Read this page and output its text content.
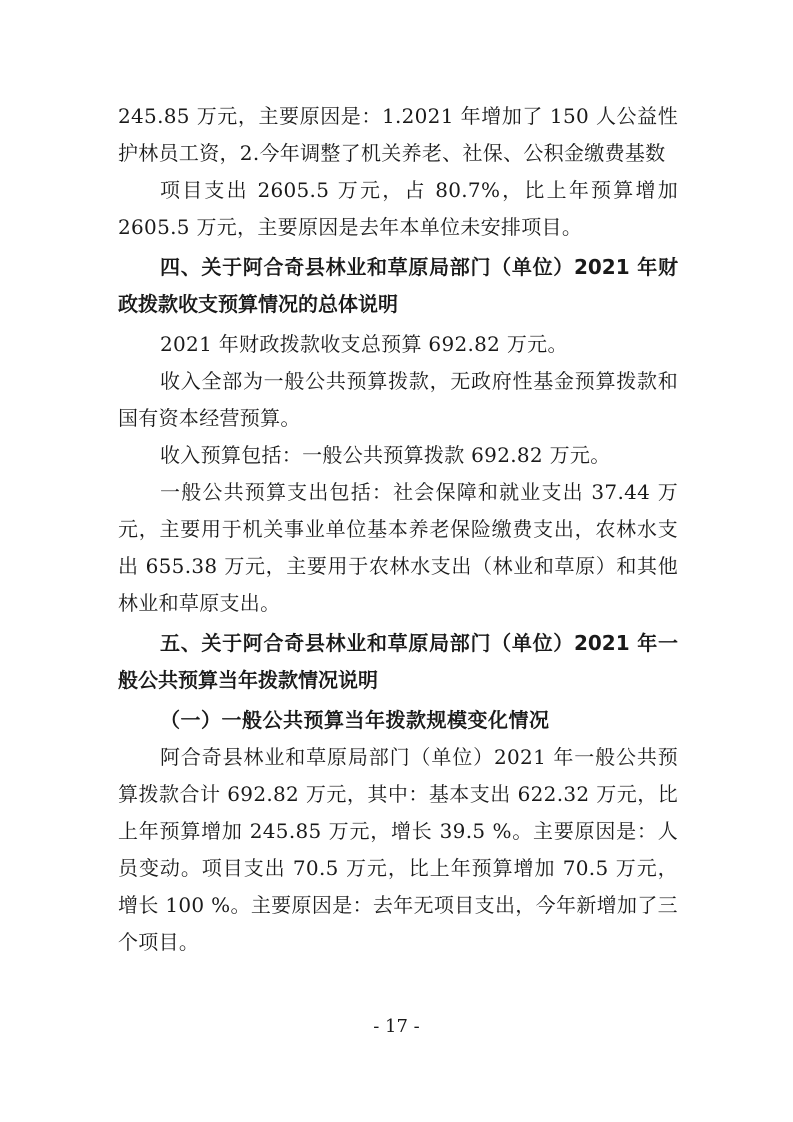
245.85 万元，主要原因是：1.2021 年增加了 150 人公益性护林员工资，2.今年调整了机关养老、社保、公积金缴费基数

项目支出 2605.5 万元，占 80.7%，比上年预算增加2605.5 万元，主要原因是去年本单位未安排项目。

四、关于阿合奇县林业和草原局部门（单位）2021 年财政拨款收支预算情况的总体说明

2021 年财政拨款收支总预算 692.82 万元。

收入全部为一般公共预算拨款，无政府性基金预算拨款和国有资本经营预算。

收入预算包括：一般公共预算拨款 692.82 万元。

一般公共预算支出包括：社会保障和就业支出 37.44 万元，主要用于机关事业单位基本养老保险缴费支出，农林水支出 655.38 万元，主要用于农林水支出（林业和草原）和其他林业和草原支出。

五、关于阿合奇县林业和草原局部门（单位）2021 年一般公共预算当年拨款情况说明

（一）一般公共预算当年拨款规模变化情况

阿合奇县林业和草原局部门（单位）2021 年一般公共预算拨款合计 692.82 万元，其中：基本支出 622.32 万元，比上年预算增加 245.85 万元，增长 39.5 %。主要原因是：人员变动。项目支出 70.5 万元，比上年预算增加 70.5 万元，增长 100 %。主要原因是：去年无项目支出，今年新增加了三个项目。

- 17 -
